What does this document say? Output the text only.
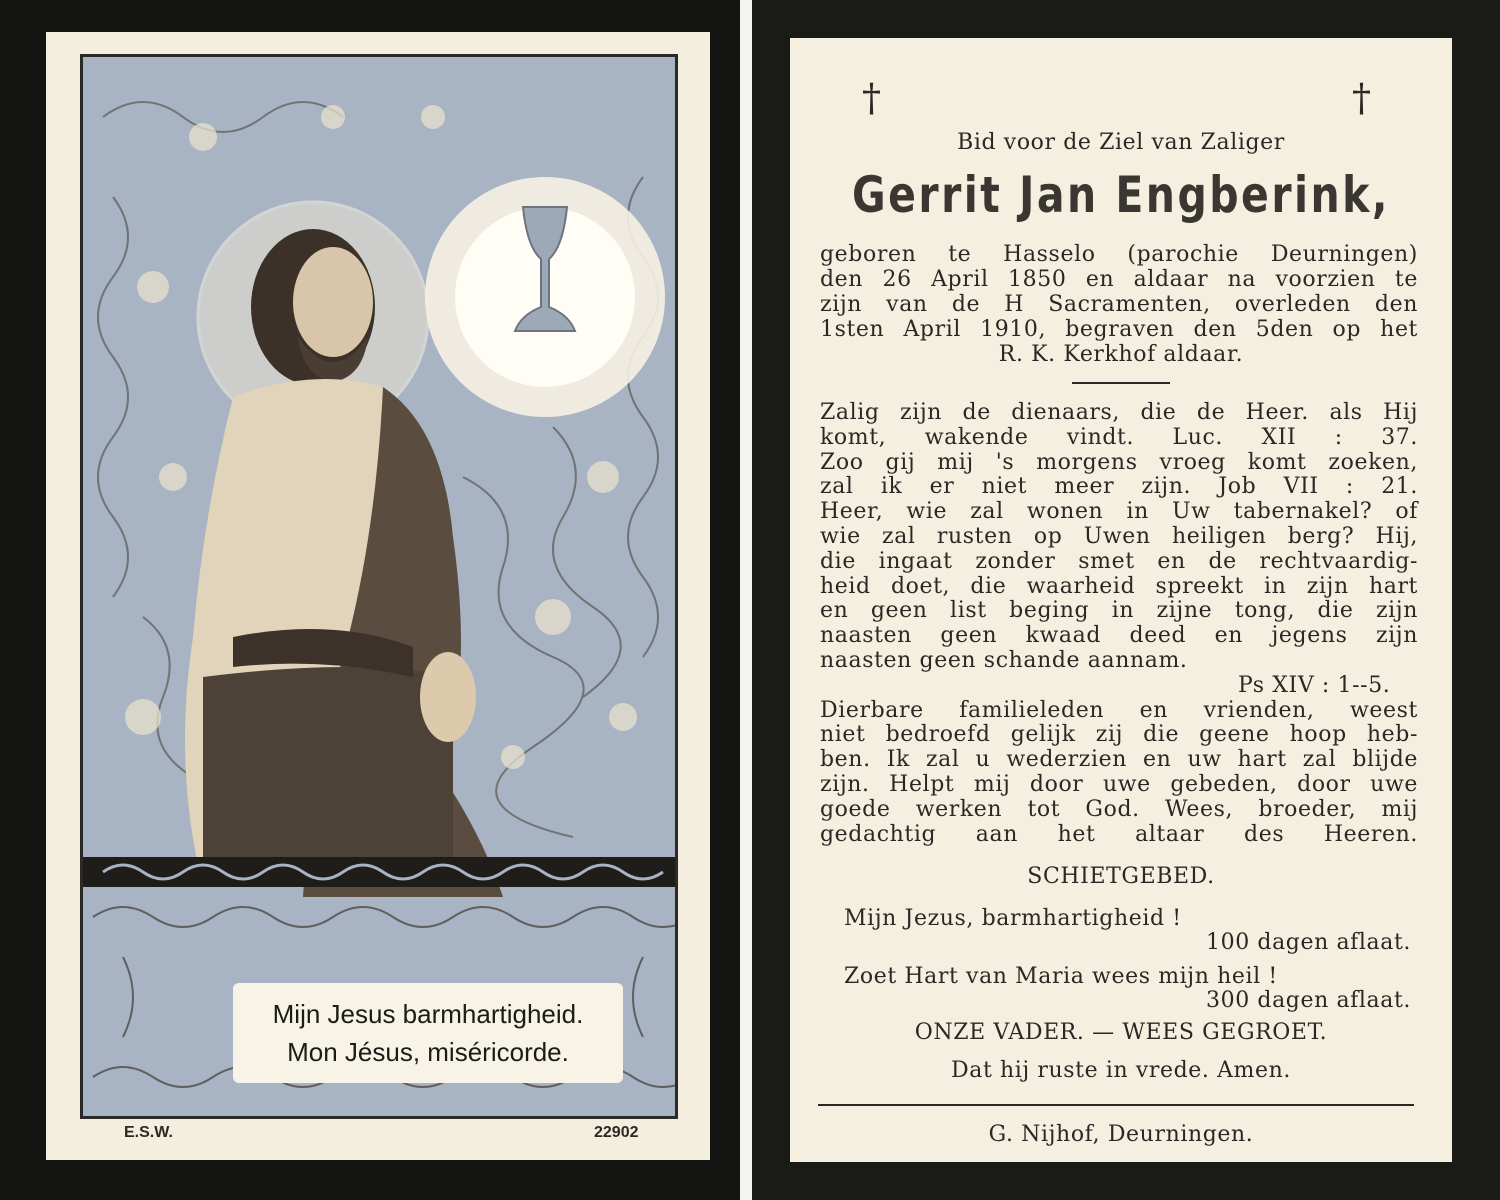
Mijn Jesus barmhartigheid.
Mon Jésus, miséricorde.
E.S.W.	22902
†	†
Bid voor de Ziel van Zaliger
Gerrit Jan Engberink,
geboren te Hasselo (parochie Deurningen)
den 26 April 1850 en aldaar na voorzien te
zijn van de H Sacramenten, overleden den
1sten April 1910, begraven den 5den op het
R. K. Kerkhof aldaar.
Zalig zijn de dienaars, die de Heer. als Hij
komt, wakende vindt. Luc. XII : 37.
Zoo gij mij 's morgens vroeg komt zoeken,
zal ik er niet meer zijn. Job VII : 21.
Heer, wie zal wonen in Uw tabernakel? of
wie zal rusten op Uwen heiligen berg? Hij,
die ingaat zonder smet en de rechtvaardig-
heid doet, die waarheid spreekt in zijn hart
en geen list beging in zijne tong, die zijn
naasten geen kwaad deed en jegens zijn
naasten geen schande aannam.
Ps XIV : 1--5.
Dierbare familieleden en vrienden, weest
niet bedroefd gelijk zij die geene hoop heb-
ben. Ik zal u wederzien en uw hart zal blijde
zijn. Helpt mij door uwe gebeden, door uwe
goede werken tot God. Wees, broeder, mij
gedachtig aan het altaar des Heeren.
SCHIETGEBED.
Mijn Jezus, barmhartigheid !
100 dagen aflaat.
Zoet Hart van Maria wees mijn heil !
300 dagen aflaat.
ONZE VADER. — WEES GEGROET.
Dat hij ruste in vrede. Amen.
G. Nijhof, Deurningen.
